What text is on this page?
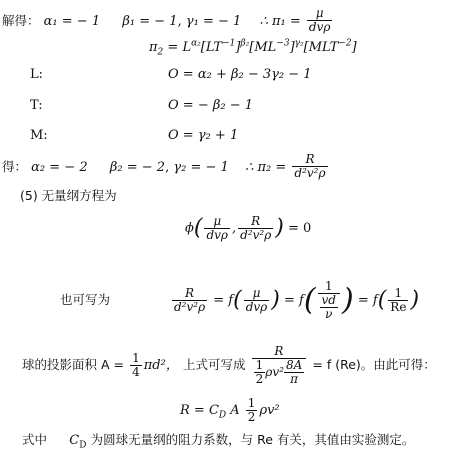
解得： α₁ = − 1 β₁ = − 1, γ₁ = − 1 ∴ $\pi_1 = \frac{\mu}{\text{dvρ}}$
$\pi_2 = L^{\alpha_2}[LT^{-1}]^{\beta_2}[ML^{-3}]^{\gamma_2}[MLT^{-2}]$
L:	O = α₂ + β₂ − 3γ₂ − 1
T:	O = − β₂ − 1
M:	O = γ₂ + 1
得： α₂ = − 2 β₂ = − 2, γ₂ = − 1 ∴ $\pi_2 = \frac{R}{\text{d²v²ρ}}$
(5) 无量纲方程为
$\phi( \frac{\mu}{\text{dvρ}}$ , $\frac{R}{\text{d²v²ρ}}$ ) = 0
也可写为	$\frac{R}{\text{d²v²ρ}} = f( \frac{\mu}{\text{dvρ}}$ ) = $f( \frac{1}{\frac{vd}{\nu}}$ ) = $f( \frac{1}{Re}$ )
球的投影面积 $A = \frac{1}{4} \pi d^2$， 上式可写成 $\frac{R}{\frac{1}{2} \rho v^2 \frac{8A}{\pi}} = f$ (Re)。由此可得：
$R = C_D$ A $\frac{1}{2} \rho v^2$
式中 $C_D$ 为圆球无量纲的阻力系数，与 Re 有关，其值由实验测定。
